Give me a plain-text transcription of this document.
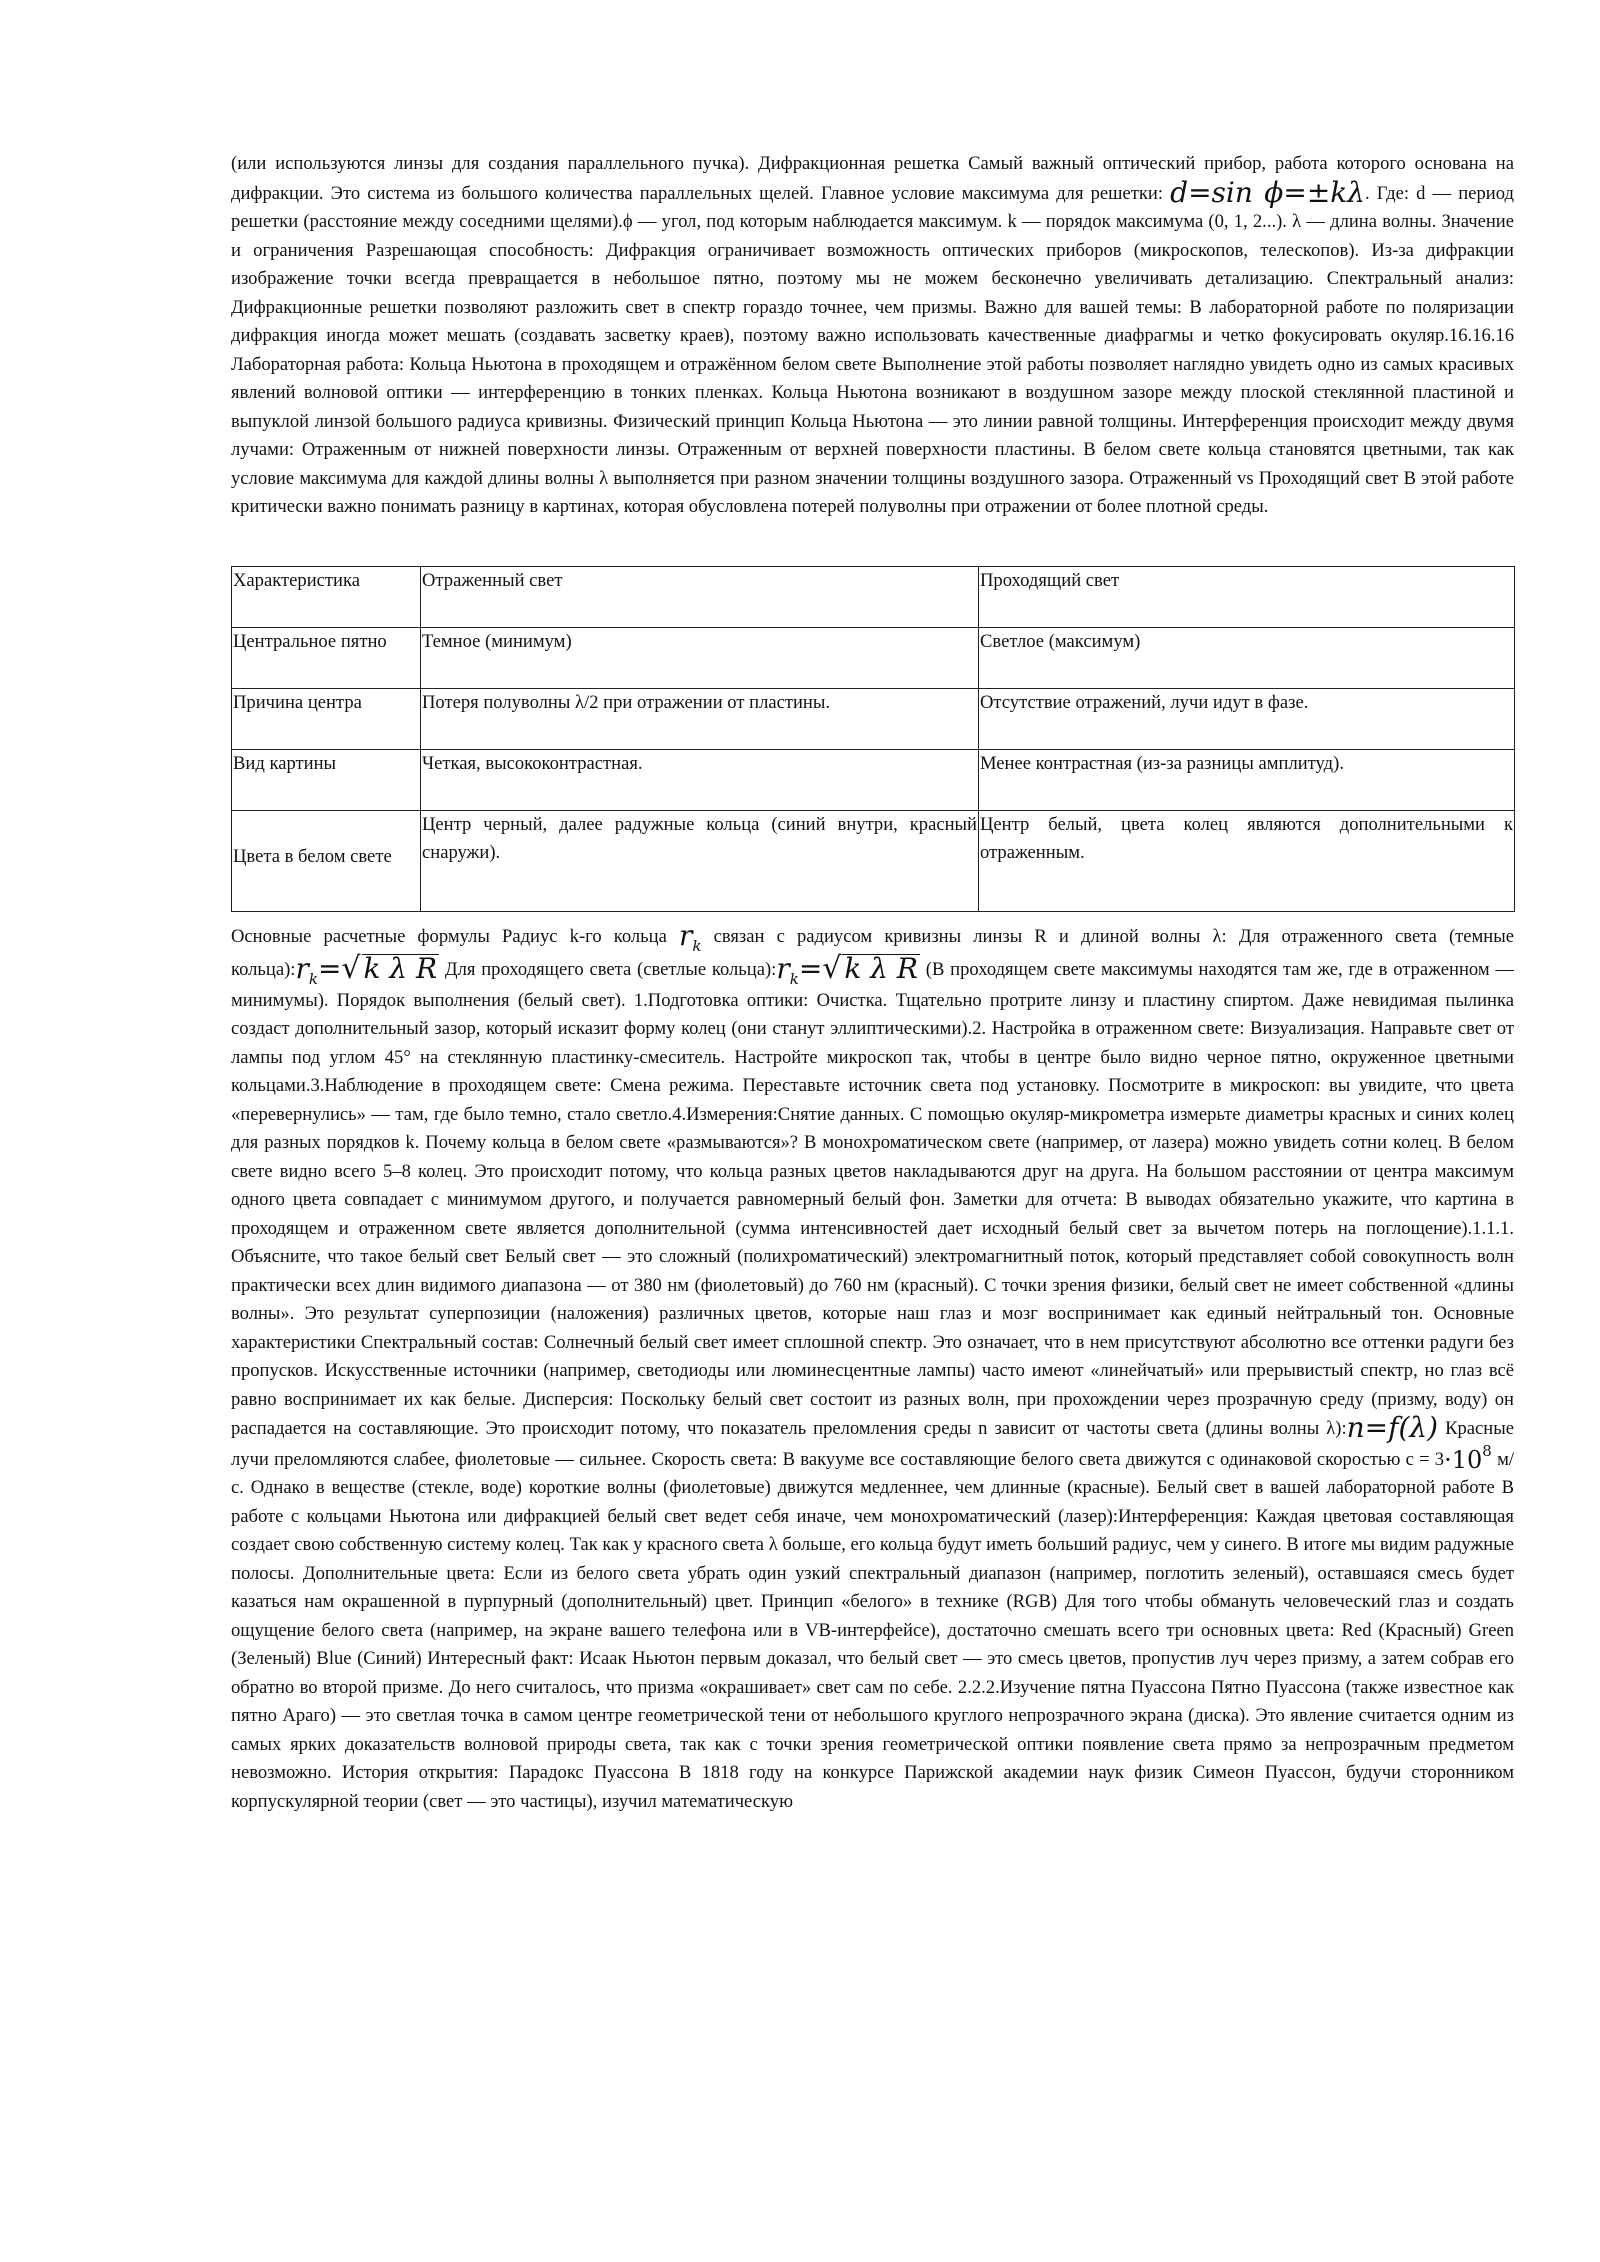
(или используются линзы для создания параллельного пучка). Дифракционная решетка Самый важный оптический прибор, работа которого основана на дифракции. Это система из большого количества параллельных щелей. Главное условие максимума для решетки: d=sin ϕ=±kλ. Где: d — период решетки (расстояние между соседними щелями).ϕ — угол, под которым наблюдается максимум. k — порядок максимума (0, 1, 2...). λ — длина волны. Значение и ограничения Разрешающая способность: Дифракция ограничивает возможность оптических приборов (микроскопов, телескопов). Из-за дифракции изображение точки всегда превращается в небольшое пятно, поэтому мы не можем бесконечно увеличивать детализацию. Спектральный анализ: Дифракционные решетки позволяют разложить свет в спектр гораздо точнее, чем призмы. Важно для вашей темы: В лабораторной работе по поляризации дифракция иногда может мешать (создавать засветку краев), поэтому важно использовать качественные диафрагмы и четко фокусировать окуляр.16.16.16 Лабораторная работа: Кольца Ньютона в проходящем и отражённом белом свете Выполнение этой работы позволяет наглядно увидеть одно из самых красивых явлений волновой оптики — интерференцию в тонких пленках. Кольца Ньютона возникают в воздушном зазоре между плоской стеклянной пластиной и выпуклой линзой большого радиуса кривизны. Физический принцип Кольца Ньютона — это линии равной толщины. Интерференция происходит между двумя лучами: Отраженным от нижней поверхности линзы. Отраженным от верхней поверхности пластины. В белом свете кольца становятся цветными, так как условие максимума для каждой длины волны λ выполняется при разном значении толщины воздушного зазора. Отраженный vs Проходящий свет В этой работе критически важно понимать разницу в картинах, которая обусловлена потерей полуволны при отражении от более плотной среды.

Характеристика	Отраженный свет	Проходящий свет
Центральное пятно	Темное (минимум)	Светлое (максимум)
Причина центра	Потеря полуволны λ/2 при отражении от пластины.	Отсутствие отражений, лучи идут в фазе.
Вид картины	Четкая, высококонтрастная.	Менее контрастная (из-за разницы амплитуд).
Цвета в белом свете	Центр черный, далее радужные кольца (синий внутри, красный снаружи).	Центр белый, цвета колец являются дополнительными к отраженным.

Основные расчетные формулы Радиус k-го кольца $r_k$ связан с радиусом кривизны линзы R и длиной волны λ: Для отраженного света (темные $кольца):r_k=√$ k λ R Для проходящего света (светлые $кольца):r_k=√$ k λ R (В проходящем свете максимумы находятся там же, где в отраженном — минимумы). Порядок выполнения (белый свет). 1.Подготовка оптики: Очистка. Тщательно протрите линзу и пластину спиртом. Даже невидимая пылинка создаст дополнительный зазор, который исказит форму колец (они станут эллиптическими).2. Настройка в отраженном свете: Визуализация. Направьте свет от лампы под углом 45° на стеклянную пластинку-смеситель. Настройте микроскоп так, чтобы в центре было видно черное пятно, окруженное цветными кольцами.3.Наблюдение в проходящем свете: Смена режима. Переставьте источник света под установку. Посмотрите в микроскоп: вы увидите, что цвета «перевернулись» — там, где было темно, стало светло.4.Измерения:Снятие данных. С помощью окуляр-микрометра измерьте диаметры красных и синих колец для разных порядков k. Почему кольца в белом свете «размываются»? В монохроматическом свете (например, от лазера) можно увидеть сотни колец. В белом свете видно всего 5–8 колец. Это происходит потому, что кольца разных цветов накладываются друг на друга. На большом расстоянии от центра максимум одного цвета совпадает с минимумом другого, и получается равномерный белый фон. Заметки для отчета: В выводах обязательно укажите, что картина в проходящем и отраженном свете является дополнительной (сумма интенсивностей дает исходный белый свет за вычетом потерь на поглощение).1.1.1. Объясните, что такое белый свет Белый свет — это сложный (полихроматический) электромагнитный поток, который представляет собой совокупность волн практически всех длин видимого диапазона — от 380 нм (фиолетовый) до 760 нм (красный). С точки зрения физики, белый свет не имеет собственной «длины волны». Это результат суперпозиции (наложения) различных цветов, которые наш глаз и мозг воспринимает как единый нейтральный тон. Основные характеристики Спектральный состав: Солнечный белый свет имеет сплошной спектр. Это означает, что в нем присутствуют абсолютно все оттенки радуги без пропусков. Искусственные источники (например, светодиоды или люминесцентные лампы) часто имеют «линейчатый» или прерывистый спектр, но глаз всё равно воспринимает их как белые. Дисперсия: Поскольку белый свет состоит из разных волн, при прохождении через прозрачную среду (призму, воду) он распадается на составляющие. Это происходит потому, что показатель преломления среды n зависит от частоты света (длины волны λ):n=f(λ) Красные лучи преломляются слабее, фиолетовые — сильнее. Скорость света: В вакууме все составляющие белого света движутся с одинаковой скоростью $c = 3\cdot 10^8$ м/с. Однако в веществе (стекле, воде) короткие волны (фиолетовые) движутся медленнее, чем длинные (красные). Белый свет в вашей лабораторной работе В работе с кольцами Ньютона или дифракцией белый свет ведет себя иначе, чем монохроматический (лазер):Интерференция: Каждая цветовая составляющая создает свою собственную систему колец. Так как у красного света λ больше, его кольца будут иметь больший радиус, чем у синего. В итоге мы видим радужные полосы. Дополнительные цвета: Если из белого света убрать один узкий спектральный диапазон (например, поглотить зеленый), оставшаяся смесь будет казаться нам окрашенной в пурпурный (дополнительный) цвет. Принцип «белого» в технике (RGB) Для того чтобы обмануть человеческий глаз и создать ощущение белого света (например, на экране вашего телефона или в VB-интерфейсе), достаточно смешать всего три основных цвета: Red (Красный) Green (Зеленый) Blue (Синий) Интересный факт: Исаак Ньютон первым доказал, что белый свет — это смесь цветов, пропустив луч через призму, а затем собрав его обратно во второй призме. До него считалось, что призма «окрашивает» свет сам по себе. 2.2.2.Изучение пятна Пуассона Пятно Пуассона (также известное как пятно Араго) — это светлая точка в самом центре геометрической тени от небольшого круглого непрозрачного экрана (диска). Это явление считается одним из самых ярких доказательств волновой природы света, так как с точки зрения геометрической оптики появление света прямо за непрозрачным предметом невозможно. История открытия: Парадокс Пуассона В 1818 году на конкурсе Парижской академии наук физик Симеон Пуассон, будучи сторонником корпускулярной теории (свет — это частицы), изучил математическую
